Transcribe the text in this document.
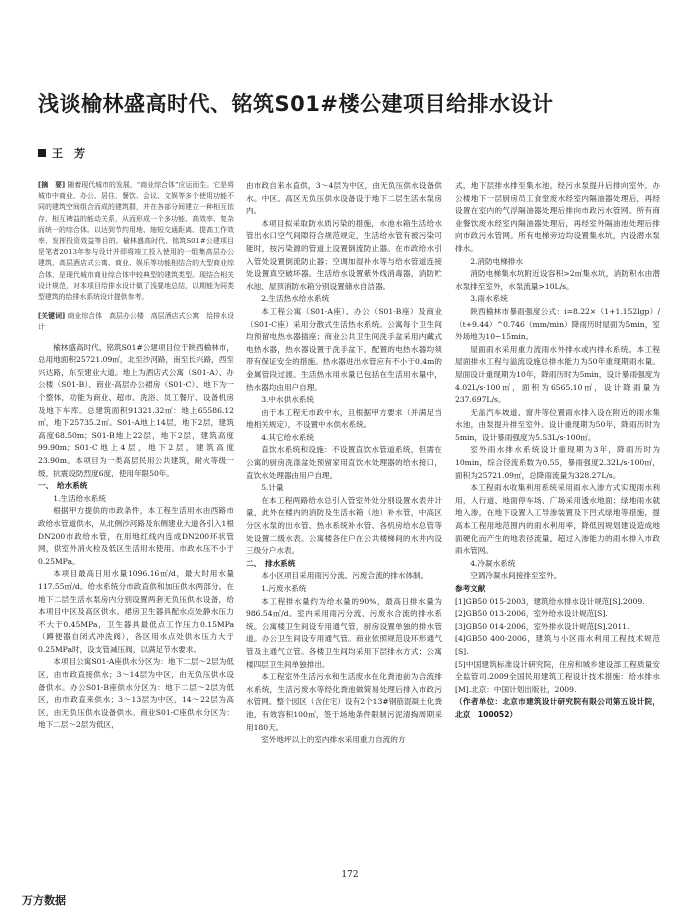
浅谈榆林盛高时代、铭筑S01#楼公建项目给排水设计
王　芳

[摘　要] 随着现代城市的发展，“商业综合体”应运而生。它是将城市中商业、办公、居住、餐饮、会议、文娱等多个使用功能不同的建筑空间组合而成的建筑群，并在各部分间建立一种相互依存、相互裨益的能动关系，从而形成一个多功能、高效率、复杂而统一的综合体。以达到节约用地、缩短交通距离、提高工作效率、发挥投资效益等目的。榆林盛高时代、铭筑S01#公建项目是笔者2013年参与设计并即将竣工投入使用的一组集高层办公建筑、高层酒店式公寓、商业、娱乐等功能相结合的大型商业综合体，是现代城市商业综合体中较典型的建筑类型。现结合相关设计规范，对本项目给排水设计做了浅要地总结，以期能为同类型建筑的给排水系统设计提供参考。

[关键词] 商业综合体　高层办公楼　高层酒店式公寓　给排水设计

榆林盛高时代、铭筑S01#公建项目位于陕西榆林市，总用地面积25721.09㎡，北至沙河路，南至长兴路，西至兴达路，东至建业大道。地上为酒店式公寓（S01-A）、办公楼（S01-B）、商业-高层办公裙房（S01-C）、地下为一个整体，功能为商业、超市、洗浴、员工餐厅、设备机房及地下车库。总建筑面积91321.32㎡：地上65586.12㎡，地下25735.2㎡。S01-A地上14层，地下2层，建筑高度68.50m；S01-B地上22层，地下2层，建筑高度99.90m；S01-C地上4层，地下2层，建筑高度23.90m。本项目为一类高层民用公共建筑，耐火等级一级，抗震设防烈度6度，使用年限50年。

一、　给水系统

1.生活给水系统

根据甲方提供的市政条件，本工程生活用水由西路市政给水管道供水，从北侧沙河路及东侧建业大道各引入1根DN200市政给水管，在用地红线内连成DN200环状管网，供室外消火栓及低区生活用水使用。市政水压不小于0.25MPa。

本项目最高日用水量1096.16㎥/d，最大时用水量117.55㎥/d。给水系统分市政直供和加压供水两部分。在地下二层生活水泵房内分别设置两套无负压供水设备，给本项目中区及高区供水。裙房卫生器具配水点处静水压力不大于0.45MPa，卫生器具最低点工作压力0.15MPa（蹲便器自闭式冲洗阀），各区用水点处供水压力大于0.25MPa时，设支管减压阀，以满足节水要求。

本项目公寓S01-A座供水分区为：地下二层～2层为低区，由市政直接供水；3～14层为中区，由无负压供水设备供水。办公S01-B座供水分区为：地下二层～2层为低区，由市政直来供水；3～13层为中区，14～22层为高区，由无负压供水设备供水。商业S01-C座供水分区为：地下二层～2层为低区，

由市政自来水直供，3～4层为中区，由无负压供水设备供水。中区、高区无负压供水设备设于地下二层生活水泵房内。

本项目拟采取防水质污染的措施，水池水箱生活给水管出水口空气间隙符合规范规定，生活给水管有被污染可能时，按污染源的管道上设置倒流防止器。在市政给水引入管处设置倒流防止器；空调加湿补水等与给水管道连接处设置真空破坏器。生活给水设置紫外线消毒器，消防贮水池、屋顶消防水箱分别设置储水自洁器。

2.生活热水给水系统

本工程公寓（S01-A座）、办公（S01-B座）及商业（S01-C座）采用分散式生活热水系统。公寓每个卫生间均预留电热水器插座；商业公共卫生间洗手盆采用内藏式电热水器，热水器设置于洗手盆下。配置的电热水器均须带有保证安全的措施。热水器进出水管应有不小于0.4m的金属管段过渡。生活热水用水量已包括在生活用水量中，热水器均由用户自理。

3.中水供水系统

由于本工程无市政中水，且根据甲方要求（并满足当地相关规定），不设置中水供水系统。

4.其它给水系统

直饮水系统和设施：不设置直饮水管道系统，但需在公寓的厨房洗涤盆处预留家用直饮水处理器的给水接口，直饮水处理器由用户自理。

5.计量

在本工程两路给水总引入管室外处分别设置水表井计量，此外在楼内的消防及生活水箱（池）补水管，中高区分区水泵的出水管、热水系统补水管、各机房给水总管等处设置二级水表。公寓楼各住户在公共楼梯间的水井内设三级分户水表。

二、　排水系统

本小区项目采用雨污分流、污废合流的排水体制。

1.污废水系统

本工程排水量约为给水量的90%，最高日排水量为986.54㎥/d。室内采用雨污分流、污废水合流的排水系统。公寓楼卫生间设专用通气管，厨房设置单独的排水管道。办公卫生间设专用通气管。商业依照规范设环形通气管及主通气立管。各楼卫生间均采用下层排水方式；公寓楼四层卫生间单独排出。

本工程室外生活污水和生活废水在化粪池前为合流排水系统，生活污废水等经化粪池做简易处理后排入市政污水管网。整个园区（含住宅）设有2个13#钢筋混凝土化粪池，有效容积100㎥，签于场地条件限制污泥清掏周期采用180天。

室外地坪以上的室内排水采用重力自流的方

式，地下层排水排至集水池，经污水泵提升后排向室外。办公楼地下一层厨房员工食堂废水经室内隔油器处理后，再经设置在室内的气浮隔油器处理后排向市政污水管网。所有商业餐饮废水经室内隔油器处理后，再经室外隔油池处理后排向市政污水管网。所有电梯旁边均设置集水坑，内设潜水泵排水。

2.消防电梯排水

消防电梯集水坑附近设容积>2㎥集水坑，消防积水由潜水泵排至室外，水泵流量>10L/s。

3.雨水系统

陕西榆林市暴雨强度公式：i=8.22×（1+1.152lgp）/（t+9.44）^0.746（mm/min）降雨历时屋面为5min，室外场地为10~15min。

屋面雨水采用重力流雨水外排水或内排水系统。本工程屋面排水工程与溢流设施总排水能力为50年重现期雨水量。屋面设计重现期为10年，降雨历时为5min，设计暴雨强度为4.02L/s·100㎡，面积为6565.10㎡，设计降雨量为237.697L/s。

无盖汽车坡道、窗井等位置雨水排入设在附近的雨水集水池，由泵提升排至室外。设计重现期为50年，降雨历时为5min，设计暴雨强度为5.53L/s·100㎡。

室外雨水排水系统设计重现期为3年，降雨历时为10min，综合径流系数为0.55，暴雨强度2.32L/s·100㎡，面积为25721.09㎡，总降雨流量为328.27L/s。

本工程雨水收集利用系统采用雨水入渗方式实现雨水利用，人行道、地面停车场、广场采用透水地面；绿地雨水就地入渗，在地下设置入工导渗装置及下凹式绿地等措施，提高本工程用地范围内的雨水利用率，降低因规划建设造成地面硬化而产生的地表径流量，超过入渗能力的雨水排入市政雨水管网。

4.冷凝水系统

空调冷凝水间接排至室外。

参考文献

[1]GB50 015-2003，建筑给水排水设计规范[S].2009.

[2]GB50 013-2006，室外给水设计规范[S].

[3]GB50 014-2006，室外排水设计规范[S].2011.

[4]GB50 400-2006，建筑与小区雨水利用工程技术规范[S].

[5]中国建筑标准设计研究院，住房和城乡建设部工程质量安全监管司.2009全国民用建筑工程设计技术措施：给水排水[M].北京：中国计划出版社，2009.

（作者单位：北京市建筑设计研究院有限公司第五设计院，北京　100052）

172
万方数据
